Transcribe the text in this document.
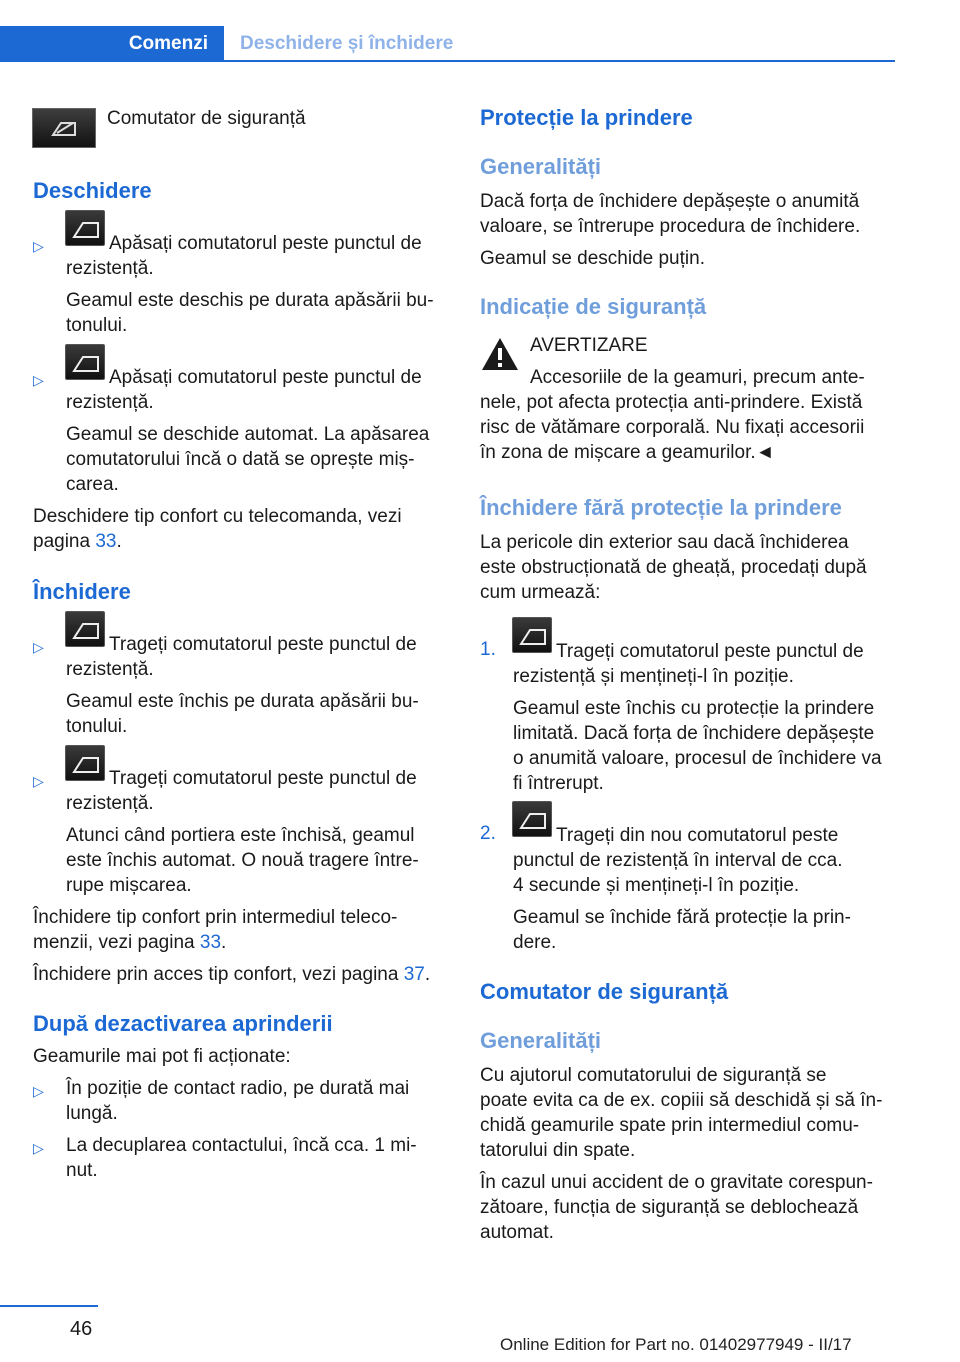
Comenzi	Deschidere și închidere
Comutator de siguranță
Deschidere
▷	Apăsați comutatorul peste punctul de
rezistență.
Geamul este deschis pe durata apăsării bu‐
tonului.
▷	Apăsați comutatorul peste punctul de
rezistență.
Geamul se deschide automat. La apăsarea
comutatorului încă o dată se oprește miș‐
carea.
Deschidere tip confort cu telecomanda, vezi
pagina 33.
Închidere
▷	Trageți comutatorul peste punctul de
rezistență.
Geamul este închis pe durata apăsării bu‐
tonului.
▷	Trageți comutatorul peste punctul de
rezistență.
Atunci când portiera este închisă, geamul
este închis automat. O nouă tragere între‐
rupe mișcarea.
Închidere tip confort prin intermediul teleco‐
menzii, vezi pagina 33.
Închidere prin acces tip confort, vezi pagina 37.
După dezactivarea aprinderii
Geamurile mai pot fi acționate:
▷ În poziție de contact radio, pe durată mai
lungă.
▷ La decuplarea contactului, încă cca. 1 mi‐
nut.
Protecție la prindere
Generalități
Dacă forța de închidere depășește o anumită
valoare, se întrerupe procedura de închidere.
Geamul se deschide puțin.
Indicație de siguranță
AVERTIZARE
Accesoriile de la geamuri, precum ante‐
nele, pot afecta protecția anti-prindere. Există
risc de vătămare corporală. Nu fixați accesorii
în zona de mișcare a geamurilor.◄
Închidere fără protecție la prindere
La pericole din exterior sau dacă închiderea
este obstrucționată de gheață, procedați după
cum urmează:
1.	Trageți comutatorul peste punctul de
rezistență și mențineți-l în poziție.
Geamul este închis cu protecție la prindere
limitată. Dacă forța de închidere depășește
o anumită valoare, procesul de închidere va
fi întrerupt.
2.	Trageți din nou comutatorul peste
punctul de rezistență în interval de cca.
4 secunde și mențineți-l în poziție.
Geamul se închide fără protecție la prin‐
dere.
Comutator de siguranță
Generalități
Cu ajutorul comutatorului de siguranță se
poate evita ca de ex. copiii să deschidă și să în‐
chidă geamurile spate prin intermediul comu‐
tatorului din spate.
În cazul unui accident de o gravitate corespun‐
zătoare, funcția de siguranță se deblochează
automat.
46
Online Edition for Part no. 01402977949 - II/17
